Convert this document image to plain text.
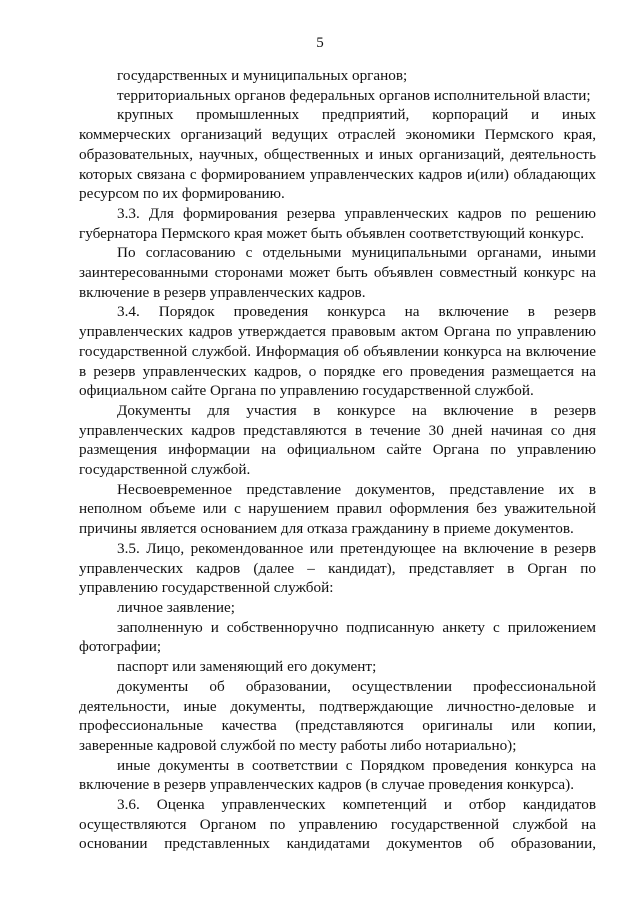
5

государственных и муниципальных органов;

территориальных органов федеральных органов исполнительной власти;

крупных промышленных предприятий, корпораций и иных коммерческих организаций ведущих отраслей экономики Пермского края, образовательных, научных, общественных и иных организаций, деятельность которых связана с формированием управленческих кадров и(или) обладающих ресурсом по их формированию.

3.3. Для формирования резерва управленческих кадров по решению губернатора Пермского края может быть объявлен соответствующий конкурс.

По согласованию с отдельными муниципальными органами, иными заинтересованными сторонами может быть объявлен совместный конкурс на включение в резерв управленческих кадров.

3.4. Порядок проведения конкурса на включение в резерв управленческих кадров утверждается правовым актом Органа по управлению государственной службой. Информация об объявлении конкурса на включение в резерв управленческих кадров, о порядке его проведения размещается на официальном сайте Органа по управлению государственной службой.

Документы для участия в конкурсе на включение в резерв управленческих кадров представляются в течение 30 дней начиная со дня размещения информации на официальном сайте Органа по управлению государственной службой.

Несвоевременное представление документов, представление их в неполном объеме или с нарушением правил оформления без уважительной причины является основанием для отказа гражданину в приеме документов.

3.5. Лицо, рекомендованное или претендующее на включение в резерв управленческих кадров (далее – кандидат), представляет в Орган по управлению государственной службой:

личное заявление;

заполненную и собственноручно подписанную анкету с приложением фотографии;

паспорт или заменяющий его документ;

документы об образовании, осуществлении профессиональной деятельности, иные документы, подтверждающие личностно-деловые и профессиональные качества (представляются оригиналы или копии, заверенные кадровой службой по месту работы либо нотариально);

иные документы в соответствии с Порядком проведения конкурса на включение в резерв управленческих кадров (в случае проведения конкурса).

3.6. Оценка управленческих компетенций и отбор кандидатов осуществляются Органом по управлению государственной службой на основании представленных кандидатами документов об образовании,
